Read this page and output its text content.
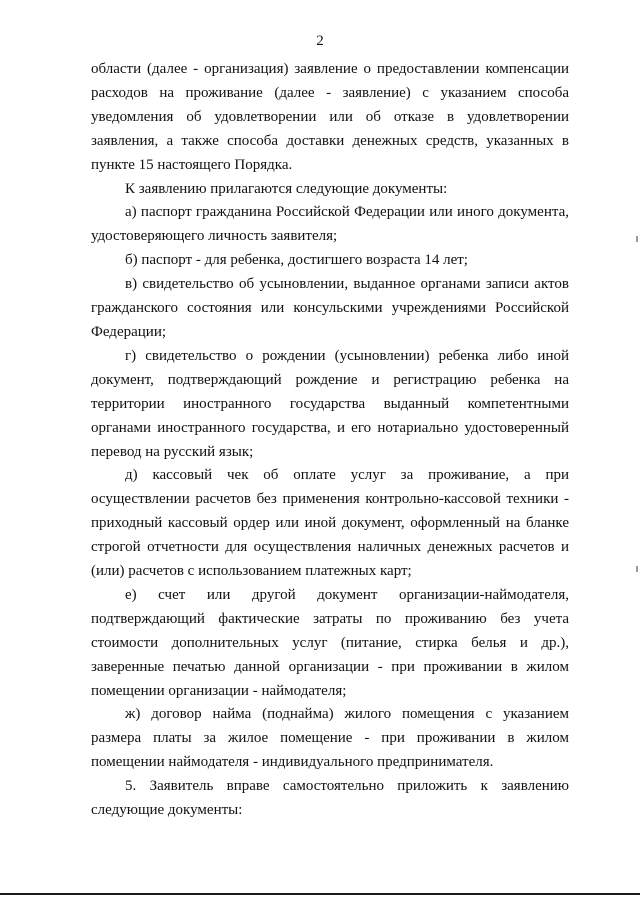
2

области (далее - организация) заявление о предоставлении компенсации расходов на проживание (далее - заявление) с указанием способа уведомления об удовлетворении или об отказе в удовлетворении заявления, а также способа доставки денежных средств, указанных в пункте 15 настоящего Порядка.

К заявлению прилагаются следующие документы:

а) паспорт гражданина Российской Федерации или иного документа, удостоверяющего личность заявителя;

б) паспорт - для ребенка, достигшего возраста 14 лет;

в) свидетельство об усыновлении, выданное органами записи актов гражданского состояния или консульскими учреждениями Российской Федерации;

г) свидетельство о рождении (усыновлении) ребенка либо иной документ, подтверждающий рождение и регистрацию ребенка на территории иностранного государства выданный компетентными органами иностранного государства, и его нотариально удостоверенный перевод на русский язык;

д) кассовый чек об оплате услуг за проживание, а при осуществлении расчетов без применения контрольно-кассовой техники - приходный кассовый ордер или иной документ, оформленный на бланке строгой отчетности для осуществления наличных денежных расчетов и (или) расчетов с использованием платежных карт;

е) счет или другой документ организации-наймодателя, подтверждающий фактические затраты по проживанию без учета стоимости дополнительных услуг (питание, стирка белья и др.), заверенные печатью данной организации - при проживании в жилом помещении организации - наймодателя;

ж) договор найма (поднайма) жилого помещения с указанием размера платы за жилое помещение - при проживании в жилом помещении наймодателя - индивидуального предпринимателя.

5. Заявитель вправе самостоятельно приложить к заявлению следующие документы:
